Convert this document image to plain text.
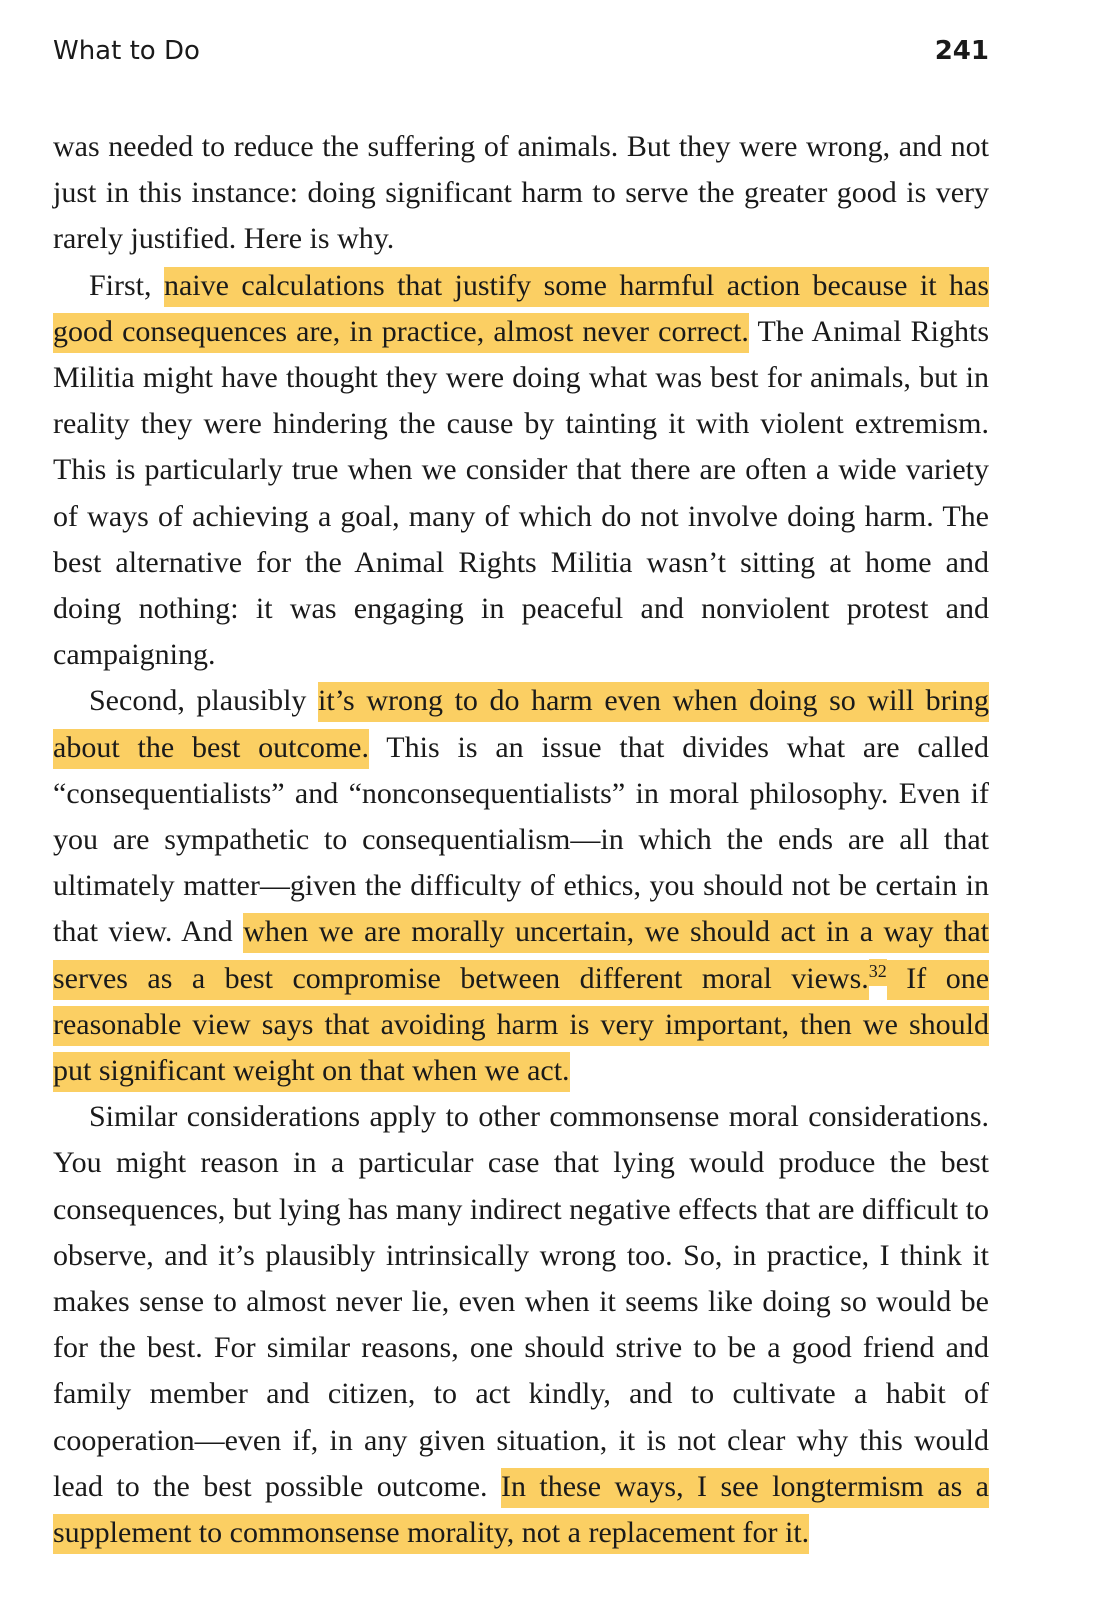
What to Do	241

was needed to reduce the suffering of animals. But they were wrong, and not just in this instance: doing significant harm to serve the greater good is very rarely justified. Here is why.

First, naive calculations that justify some harmful action because it has good consequences are, in practice, almost never correct. The Animal Rights Militia might have thought they were doing what was best for animals, but in reality they were hindering the cause by tainting it with violent extremism. This is particularly true when we consider that there are often a wide variety of ways of achieving a goal, many of which do not involve doing harm. The best alternative for the Animal Rights Militia wasn’t sitting at home and doing nothing: it was engaging in peaceful and nonviolent protest and campaigning.

Second, plausibly it’s wrong to do harm even when doing so will bring about the best outcome. This is an issue that divides what are called “consequentialists” and “nonconsequentialists” in moral philosophy. Even if you are sympathetic to consequentialism—in which the ends are all that ultimately matter—given the difficulty of ethics, you should not be certain in that view. And when we are morally uncertain, we should act in a way that serves as a best compromise between different moral views.$^{32}$ If one reasonable view says that avoiding harm is very important, then we should put significant weight on that when we act.

Similar considerations apply to other commonsense moral considerations. You might reason in a particular case that lying would produce the best consequences, but lying has many indirect negative effects that are difficult to observe, and it’s plausibly intrinsically wrong too. So, in practice, I think it makes sense to almost never lie, even when it seems like doing so would be for the best. For similar reasons, one should strive to be a good friend and family member and citizen, to act kindly, and to cultivate a habit of cooperation—even if, in any given situation, it is not clear why this would lead to the best possible outcome. In these ways, I see longtermism as a supplement to commonsense morality, not a replacement for it.
